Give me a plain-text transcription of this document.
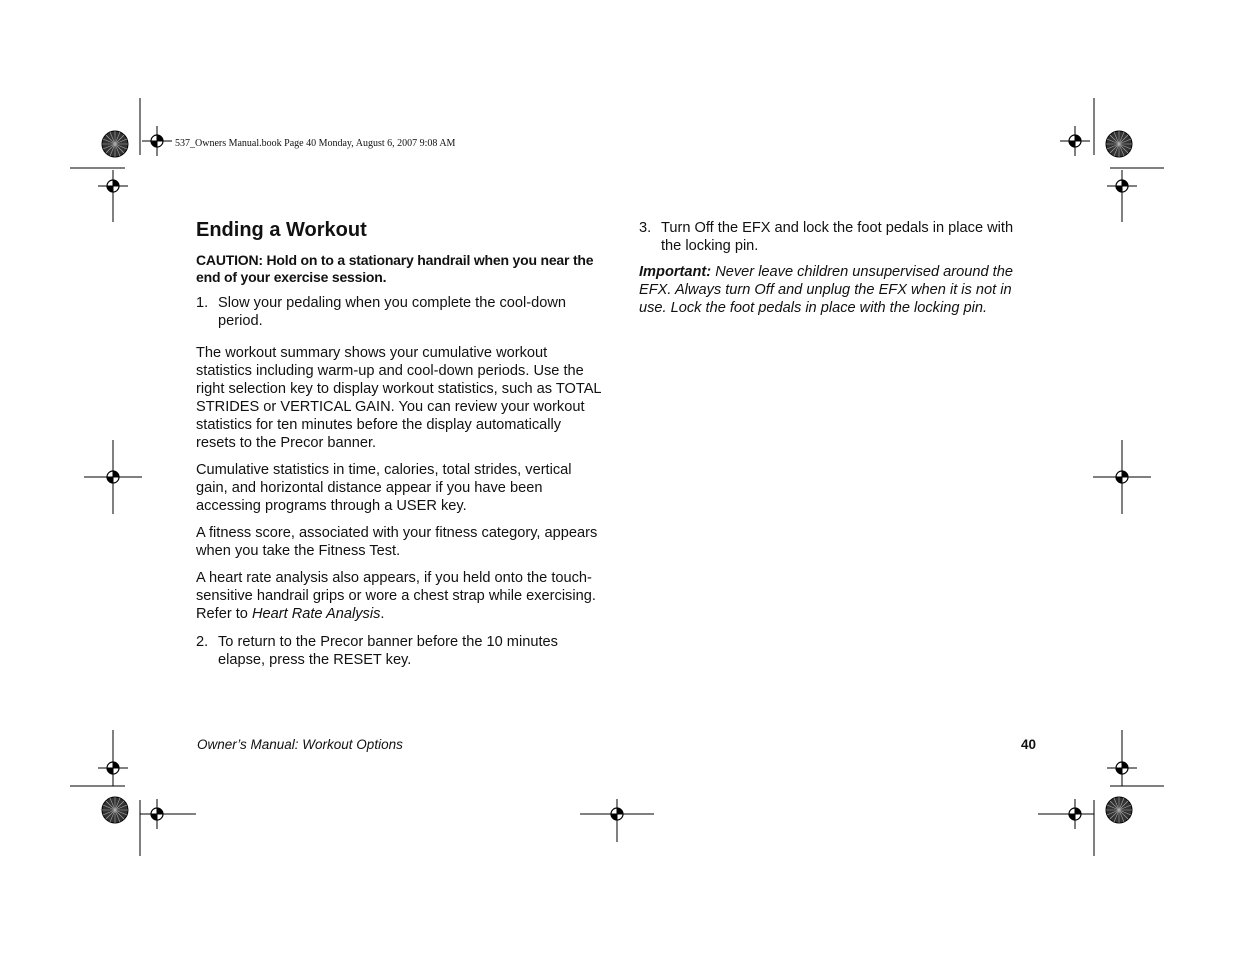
537_Owners Manual.book Page 40 Monday, August 6, 2007 9:08 AM
Ending a Workout
CAUTION: Hold on to a stationary handrail when you near the end of your exercise session.

1. Slow your pedaling when you complete the cool-down period.

The workout summary shows your cumulative workout statistics including warm-up and cool-down periods. Use the right selection key to display workout statistics, such as TOTAL STRIDES or VERTICAL GAIN. You can review your workout statistics for ten minutes before the display automatically resets to the Precor banner.

Cumulative statistics in time, calories, total strides, vertical gain, and horizontal distance appear if you have been accessing programs through a USER key.

A fitness score, associated with your fitness category, appears when you take the Fitness Test.

A heart rate analysis also appears, if you held onto the touch-sensitive handrail grips or wore a chest strap while exercising. Refer to Heart Rate Analysis.

2. To return to the Precor banner before the 10 minutes elapse, press the RESET key.

3. Turn Off the EFX and lock the foot pedals in place with the locking pin.

Important: Never leave children unsupervised around the EFX. Always turn Off and unplug the EFX when it is not in use. Lock the foot pedals in place with the locking pin.

Owner’s Manual: Workout Options	40
